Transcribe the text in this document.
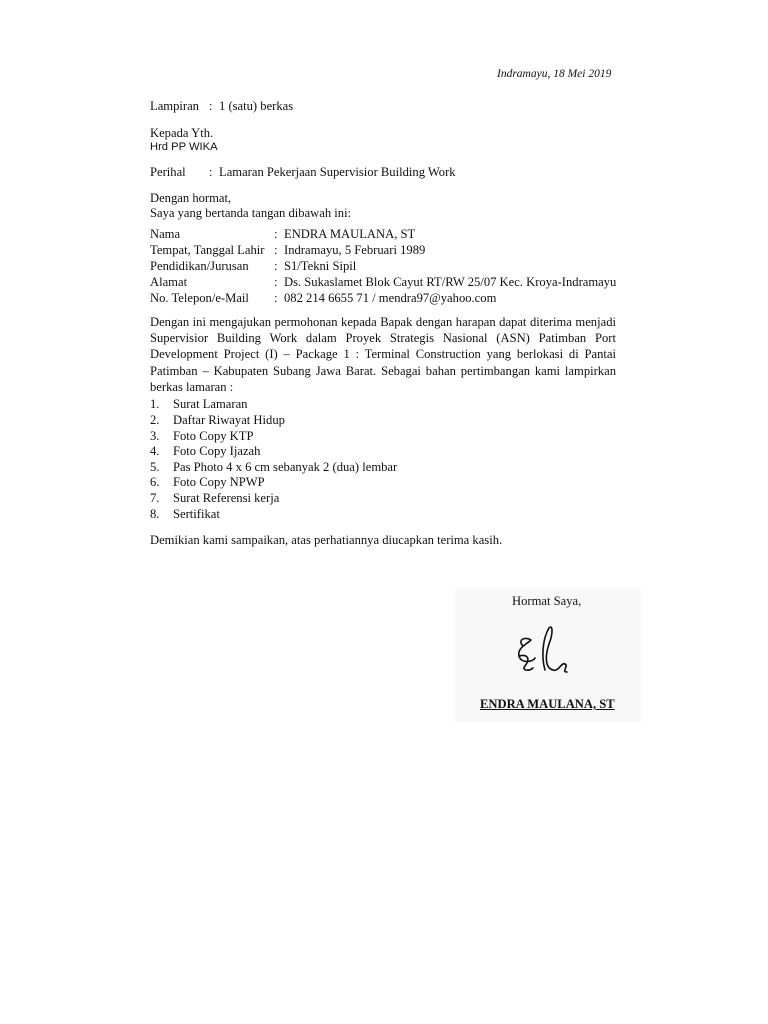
Indramayu, 18 Mei 2019
Lampiran : 1 (satu) berkas
Kepada Yth.
Hrd PP WIKA
Perihal : Lamaran Pekerjaan Supervisior Building Work
Dengan hormat,
Saya yang bertanda tangan dibawah ini:
Nama	: ENDRA MAULANA, ST
Tempat, Tanggal Lahir : Indramayu, 5 Februari 1989
Pendidikan/Jurusan : S1/Tekni Sipil
Alamat	: Ds. Sukaslamet Blok Cayut RT/RW 25/07 Kec. Kroya-Indramayu
No. Telepon/e-Mail : 082 214 6655 71 / mendra97@yahoo.com
Dengan ini mengajukan permohonan kepada Bapak dengan harapan dapat diterima menjadi Supervisior Building Work dalam Proyek Strategis Nasional (ASN) Patimban Port Development Project (I) – Package 1 : Terminal Construction yang berlokasi di Pantai Patimban – Kabupaten Subang Jawa Barat. Sebagai bahan pertimbangan kami lampirkan berkas lamaran :
1. Surat Lamaran
2. Daftar Riwayat Hidup
3. Foto Copy KTP
4. Foto Copy Ijazah
5. Pas Photo 4 x 6 cm sebanyak 2 (dua) lembar
6. Foto Copy NPWP
7. Surat Referensi kerja
8. Sertifikat
Demikian kami sampaikan, atas perhatiannya diucapkan terima kasih.
Hormat Saya,
ENDRA MAULANA, ST
